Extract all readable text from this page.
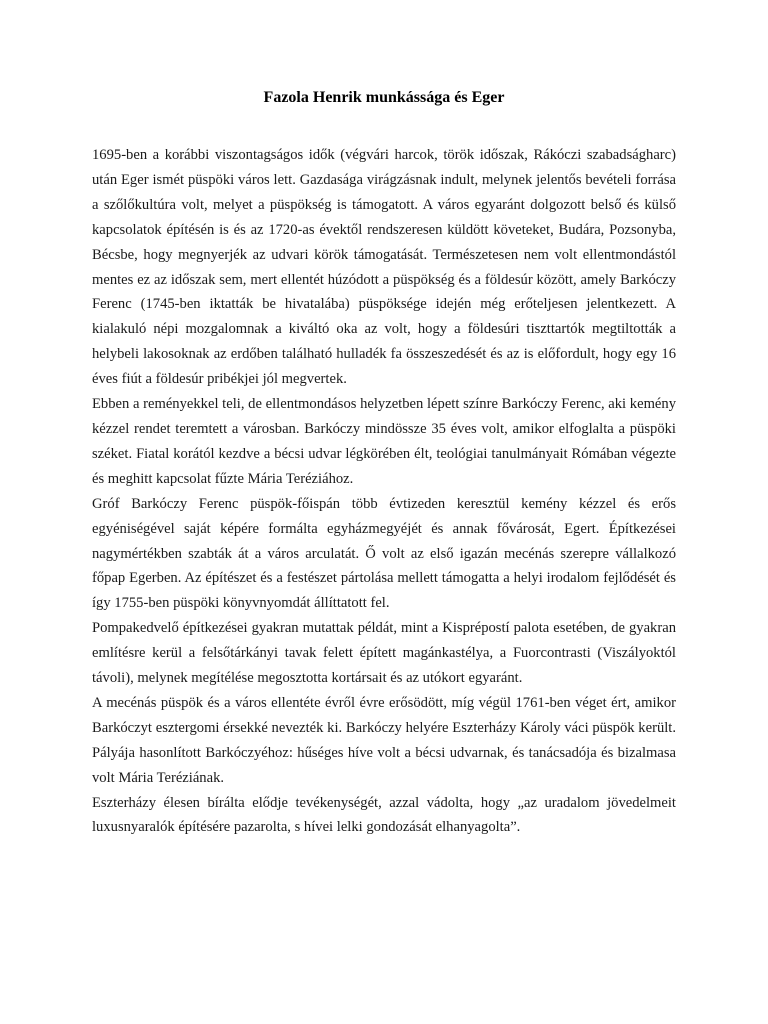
Fazola Henrik munkássága és Eger

1695-ben a korábbi viszontagságos idők (végvári harcok, török időszak, Rákóczi szabadságharc) után Eger ismét püspöki város lett. Gazdasága virágzásnak indult, melynek jelentős bevételi forrása a szőlőkultúra volt, melyet a püspökség is támogatott. A város egyaránt dolgozott belső és külső kapcsolatok építésén is és az 1720-as évektől rendszeresen küldött követeket, Budára, Pozsonyba, Bécsbe, hogy megnyerjék az udvari körök támogatását. Természetesen nem volt ellentmondástól mentes ez az időszak sem, mert ellentét húzódott a püspökség és a földesúr között, amely Barkóczy Ferenc (1745-ben iktatták be hivatalába) püspöksége idején még erőteljesen jelentkezett. A kialakuló népi mozgalomnak a kiváltó oka az volt, hogy a földesúri tiszttartók megtiltották a helybeli lakosoknak az erdőben található hulladék fa összeszedését és az is előfordult, hogy egy 16 éves fiút a földesúr pribékjei jól megvertek.

Ebben a reményekkel teli, de ellentmondásos helyzetben lépett színre Barkóczy Ferenc, aki kemény kézzel rendet teremtett a városban. Barkóczy mindössze 35 éves volt, amikor elfoglalta a püspöki széket. Fiatal korától kezdve a bécsi udvar légkörében élt, teológiai tanulmányait Rómában végezte és meghitt kapcsolat fűzte Mária Teréziához.

Gróf Barkóczy Ferenc püspök-főispán több évtizeden keresztül kemény kézzel és erős egyéniségével saját képére formálta egyházmegyéjét és annak fővárosát, Egert. Építkezései nagymértékben szabták át a város arculatát. Ő volt az első igazán mecénás szerepre vállalkozó főpap Egerben. Az építészet és a festészet pártolása mellett támogatta a helyi irodalom fejlődését és így 1755-ben püspöki könyvnyomdát állíttatott fel.

Pompakedvelő építkezései gyakran mutattak példát, mint a Kisprépostí palota esetében, de gyakran említésre kerül a felsőtárkányi tavak felett épített magánkastélya, a Fuorcontrasti (Viszályoktól távoli), melynek megítélése megosztotta kortársait és az utókort egyaránt.

A mecénás püspök és a város ellentéte évről évre erősödött, míg végül 1761-ben véget ért, amikor Barkóczyt esztergomi érsekké nevezték ki. Barkóczy helyére Eszterházy Károly váci püspök került. Pályája hasonlított Barkóczyéhoz: hűséges híve volt a bécsi udvarnak, és tanácsadója és bizalmasa volt Mária Teréziának.

Eszterházy élesen bírálta elődje tevékenységét, azzal vádolta, hogy „az uradalom jövedelmeit luxusnyaralók építésére pazarolta, s hívei lelki gondozását elhanyagolta”.
